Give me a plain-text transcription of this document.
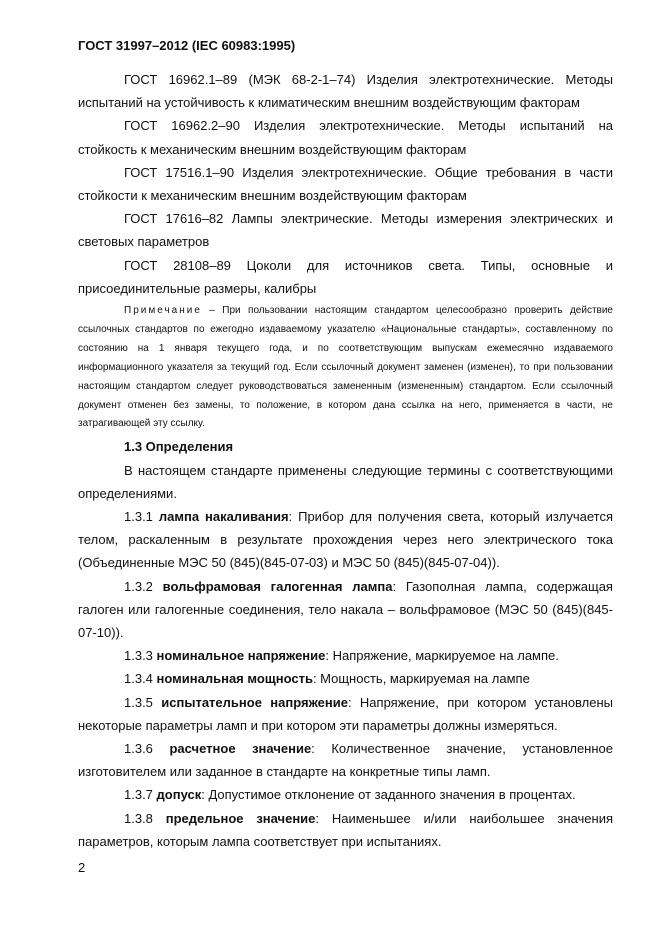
ГОСТ 31997–2012 (IEC 60983:1995)

ГОСТ 16962.1–89 (МЭК 68-2-1–74) Изделия электротехнические. Методы испытаний на устойчивость к климатическим внешним воздействующим факторам

ГОСТ 16962.2–90 Изделия электротехнические. Методы испытаний на стойкость к механическим внешним воздействующим факторам

ГОСТ 17516.1–90 Изделия электротехнические. Общие требования в части стойкости к механическим внешним воздействующим факторам

ГОСТ 17616–82 Лампы электрические. Методы измерения электрических и световых параметров

ГОСТ 28108–89 Цоколи для источников света. Типы, основные и присоединительные размеры, калибры

Примечание – При пользовании настоящим стандартом целесообразно проверить действие ссылочных стандартов по ежегодно издаваемому указателю «Национальные стандарты», составленному по состоянию на 1 января текущего года, и по соответствующим выпускам ежемесячно издаваемого информационного указателя за текущий год. Если ссылочный документ заменен (изменен), то при пользовании настоящим стандартом следует руководствоваться замененным (измененным) стандартом. Если ссылочный документ отменен без замены, то положение, в котором дана ссылка на него, применяется в части, не затрагивающей эту ссылку.

1.3 Определения

В настоящем стандарте применены следующие термины с соответствующими определениями.

1.3.1 лампа накаливания: Прибор для получения света, который излучается телом, раскаленным в результате прохождения через него электрического тока (Объединенные МЭС 50 (845)(845-07-03) и МЭС 50 (845)(845-07-04)).

1.3.2 вольфрамовая галогенная лампа: Газополная лампа, содержащая галоген или галогенные соединения, тело накала – вольфрамовое (МЭС 50 (845)(845-07-10)).

1.3.3 номинальное напряжение: Напряжение, маркируемое на лампе.

1.3.4 номинальная мощность: Мощность, маркируемая на лампе

1.3.5 испытательное напряжение: Напряжение, при котором установлены некоторые параметры ламп и при котором эти параметры должны измеряться.

1.3.6 расчетное значение: Количественное значение, установленное изготовителем или заданное в стандарте на конкретные типы ламп.

1.3.7 допуск: Допустимое отклонение от заданного значения в процентах.

1.3.8 предельное значение: Наименьшее и/или наибольшее значения параметров, которым лампа соответствует при испытаниях.

2
